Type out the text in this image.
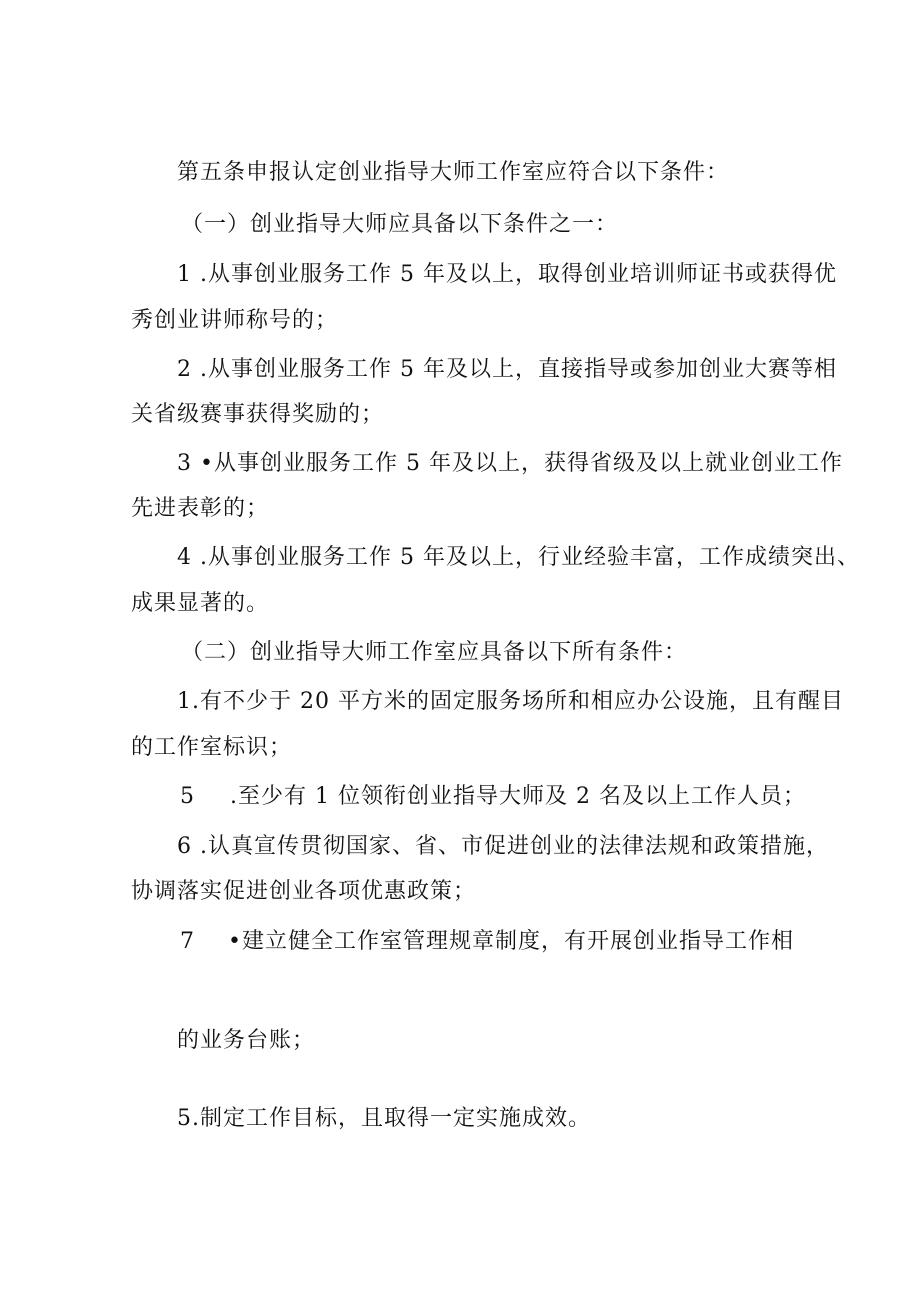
第五条申报认定创业指导大师工作室应符合以下条件：
（一）创业指导大师应具备以下条件之一：
1 .从事创业服务工作 5 年及以上，取得创业培训师证书或获得优
秀创业讲师称号的；
2 .从事创业服务工作 5 年及以上，直接指导或参加创业大赛等相
关省级赛事获得奖励的；
3 •从事创业服务工作 5 年及以上，获得省级及以上就业创业工作
先进表彰的；
4 .从事创业服务工作 5 年及以上，行业经验丰富，工作成绩突出、
成果显著的。
（二）创业指导大师工作室应具备以下所有条件：
1.有不少于 20 平方米的固定服务场所和相应办公设施，且有醒目
的工作室标识；
5 .至少有 1 位领衔创业指导大师及 2 名及以上工作人员；
6 .认真宣传贯彻国家、省、市促进创业的法律法规和政策措施，
协调落实促进创业各项优惠政策；
7 •建立健全工作室管理规章制度，有开展创业指导工作相
的业务台账；
5.制定工作目标，且取得一定实施成效。
